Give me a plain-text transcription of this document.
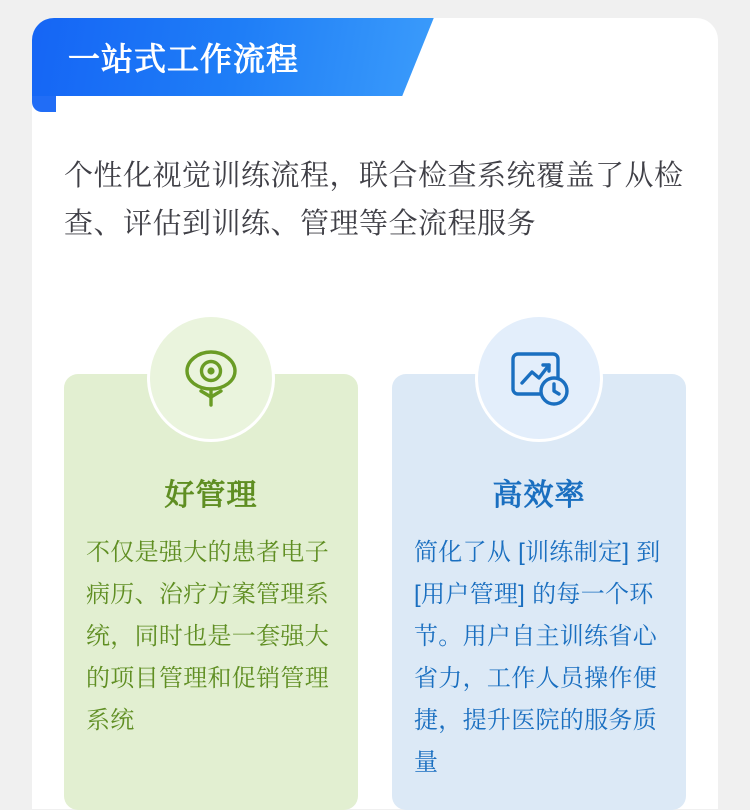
一站式工作流程
个性化视觉训练流程，联合检查系统覆盖了从检查、评估到训练、管理等全流程服务
好管理
不仅是强大的患者电子病历、治疗方案管理系统，同时也是一套强大的项目管理和促销管理系统
高效率
简化了从 [训练制定] 到 [用户管理] 的每一个环节。用户自主训练省心省力，工作人员操作便捷，提升医院的服务质量
